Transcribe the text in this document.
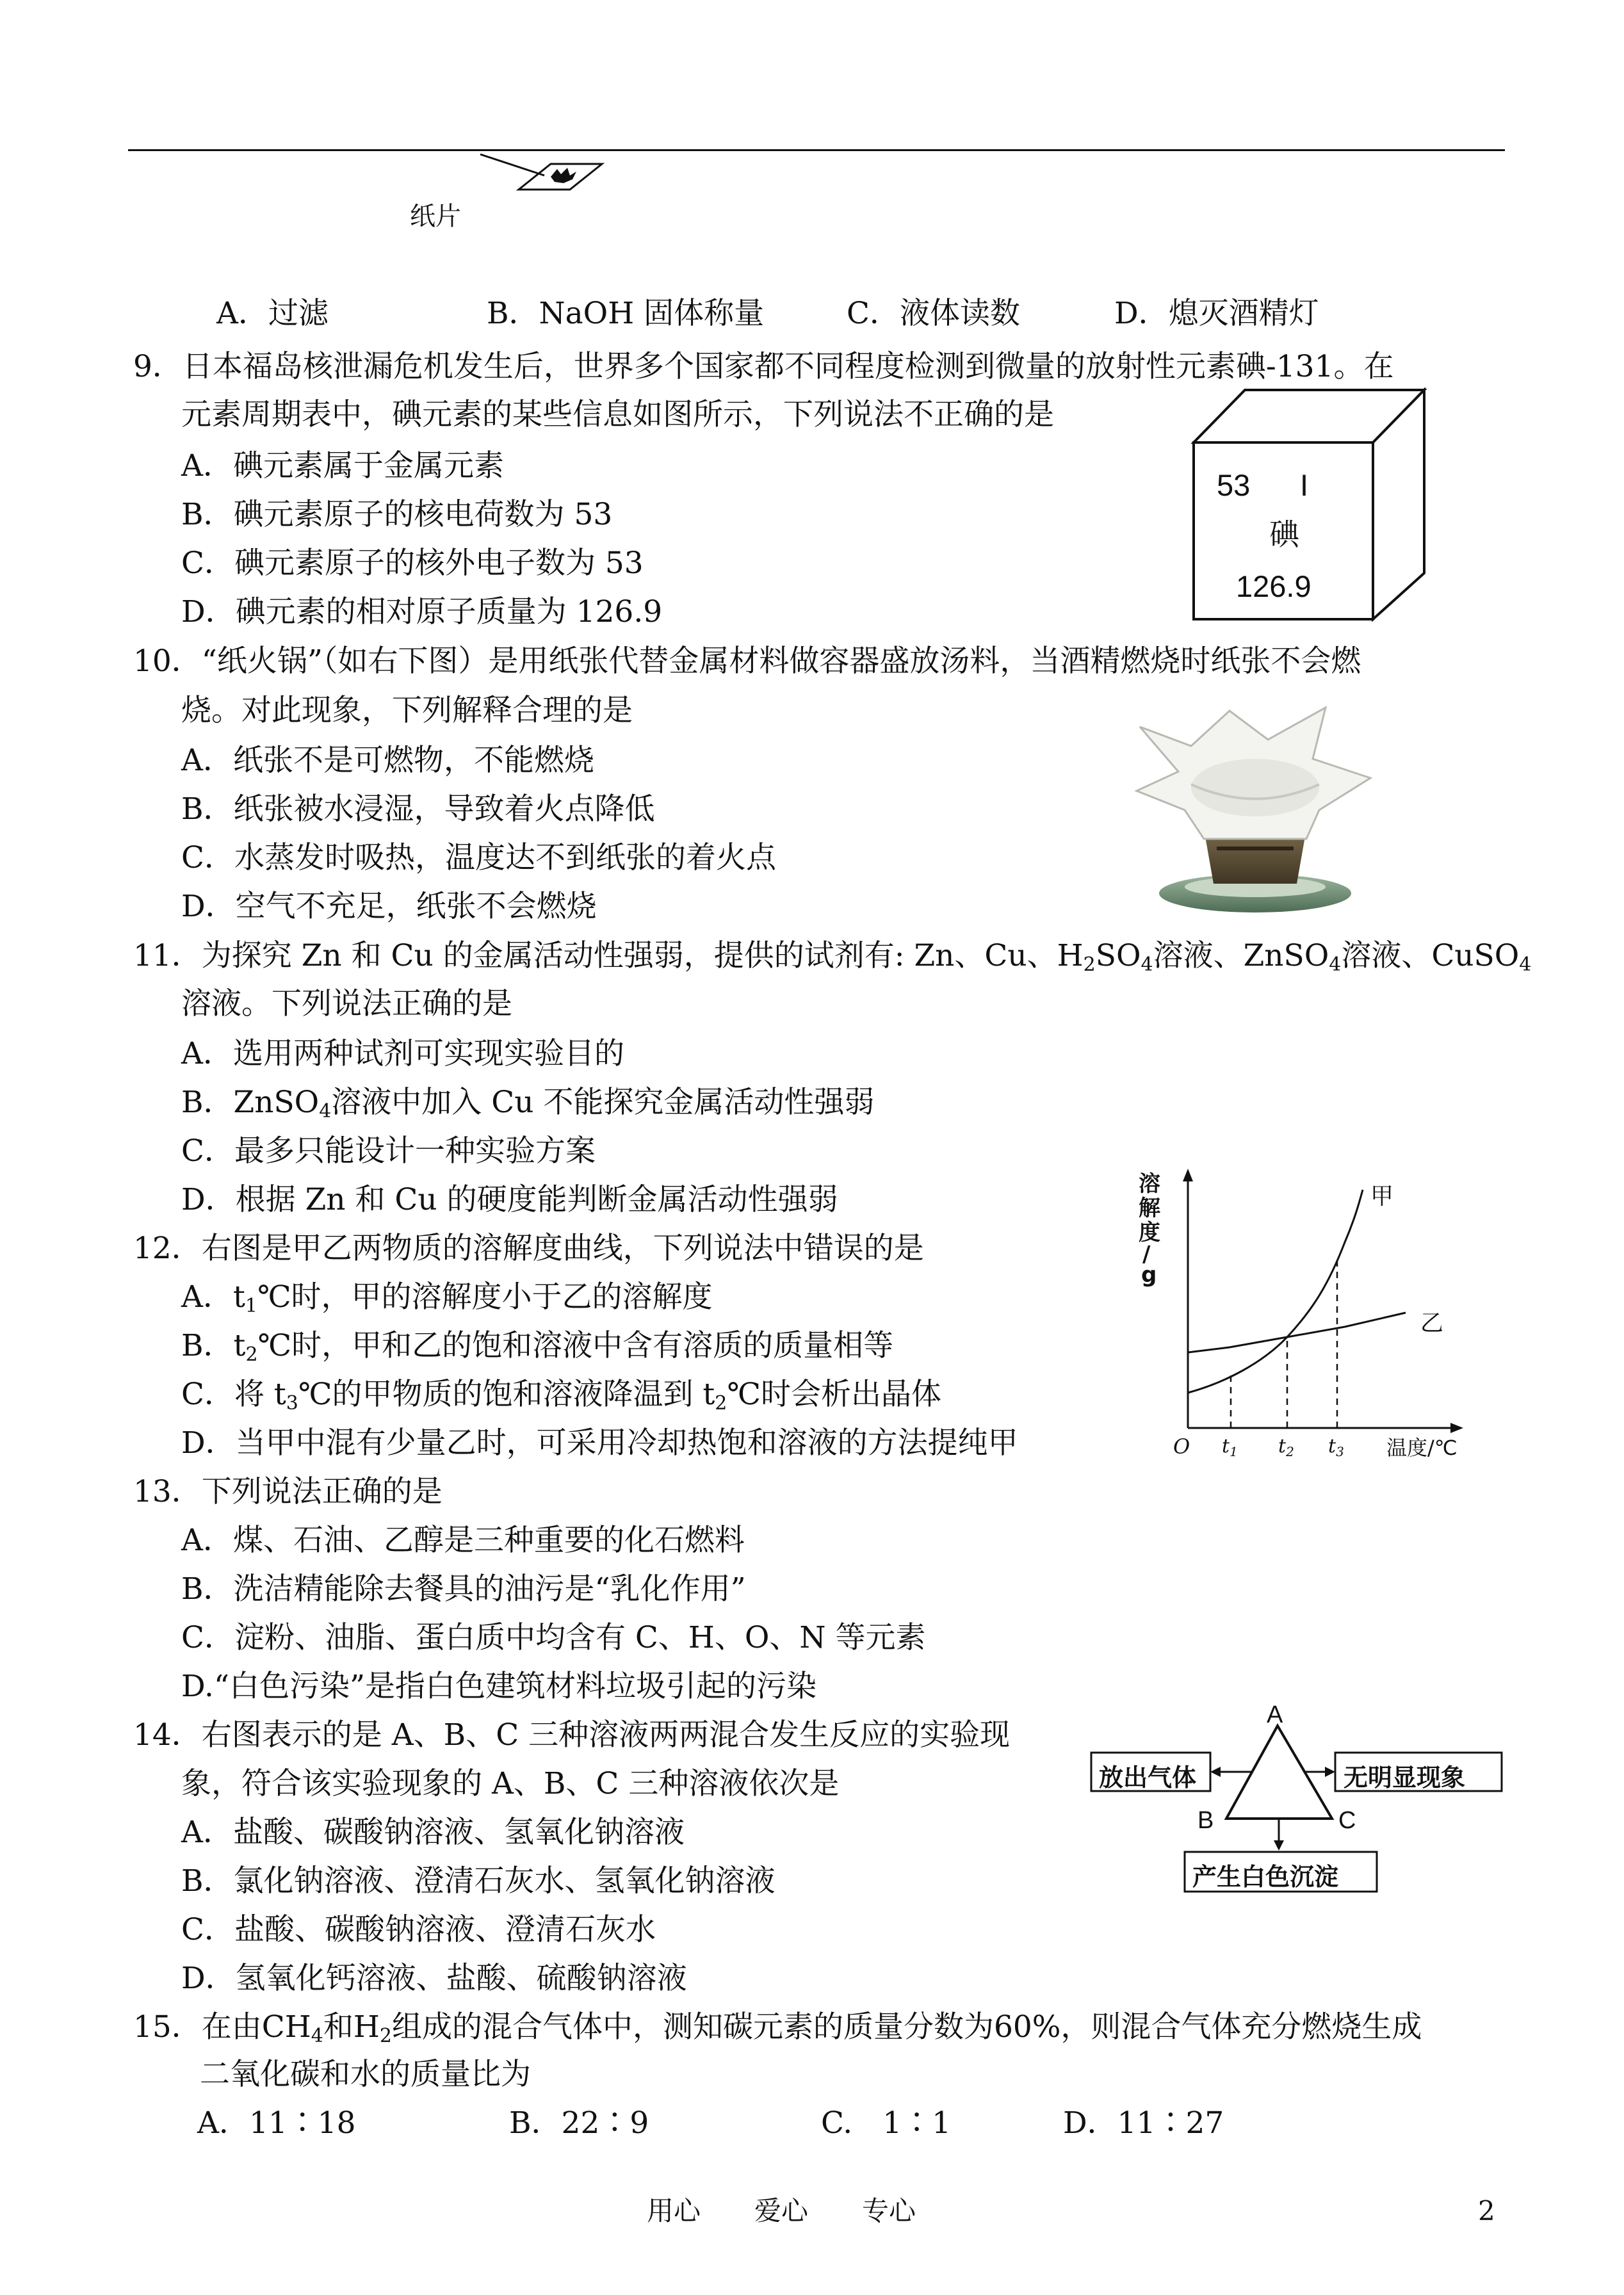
纸片
A．过滤	B．NaOH 固体称量	C．液体读数	D．熄灭酒精灯
9．日本福岛核泄漏危机发生后，世界多个国家都不同程度检测到微量的放射性元素碘-131。在
元素周期表中，碘元素的某些信息如图所示，下列说法不正确的是
A．碘元素属于金属元素
B．碘元素原子的核电荷数为 53
C．碘元素原子的核外电子数为 53
D．碘元素的相对原子质量为 126.9
53 I
碘
126.9
10．“纸火锅”（如右下图）是用纸张代替金属材料做容器盛放汤料，当酒精燃烧时纸张不会燃
烧。对此现象，下列解释合理的是
A．纸张不是可燃物，不能燃烧
B．纸张被水浸湿，导致着火点降低
C．水蒸发时吸热，温度达不到纸张的着火点
D．空气不充足，纸张不会燃烧
11．为探究 Zn 和 Cu 的金属活动性强弱，提供的试剂有: Zn、Cu、$H_2SO_4$溶液、ZnSO$_4$溶液、CuSO$_4$
溶液。下列说法正确的是
A．选用两种试剂可实现实验目的
B．ZnSO$_4$溶液中加入 Cu 不能探究金属活动性强弱
C．最多只能设计一种实验方案
D．根据 Zn 和 Cu 的硬度能判断金属活动性强弱
12．右图是甲乙两物质的溶解度曲线，下列说法中错误的是
A．$t_1℃$时，甲的溶解度小于乙的溶解度
B．$t_2℃$时，甲和乙的饱和溶液中含有溶质的质量相等
C．将 $t_3℃$的甲物质的饱和溶液降温到 $t_2℃$时会析出晶体
D．当甲中混有少量乙时，可采用冷却热饱和溶液的方法提纯甲
溶
解
度
/
g
甲
乙
O $t_1$ $t_2$ $t_3$ 温度/℃
13．下列说法正确的是
A．煤、石油、乙醇是三种重要的化石燃料
B．洗洁精能除去餐具的油污是“乳化作用”
C．淀粉、油脂、蛋白质中均含有 C、H、O、N 等元素
D.“白色污染”是指白色建筑材料垃圾引起的污染
14．右图表示的是 A、B、C 三种溶液两两混合发生反应的实验现
象，符合该实验现象的 A、B、C 三种溶液依次是
A．盐酸、碳酸钠溶液、氢氧化钠溶液
B．氯化钠溶液、澄清石灰水、氢氧化钠溶液
C．盐酸、碳酸钠溶液、澄清石灰水
D．氢氧化钙溶液、盐酸、硫酸钠溶液
A
B	C
放出气体	无明显现象
产生白色沉淀
15．在由$CH_4$和$H_2$组成的混合气体中，测知碳元素的质量分数为60%，则混合气体充分燃烧生成
二氧化碳和水的质量比为
A．11∶18	B．22∶9	C.　1∶1	D．11∶27
用心　　爱心　　专心	2
